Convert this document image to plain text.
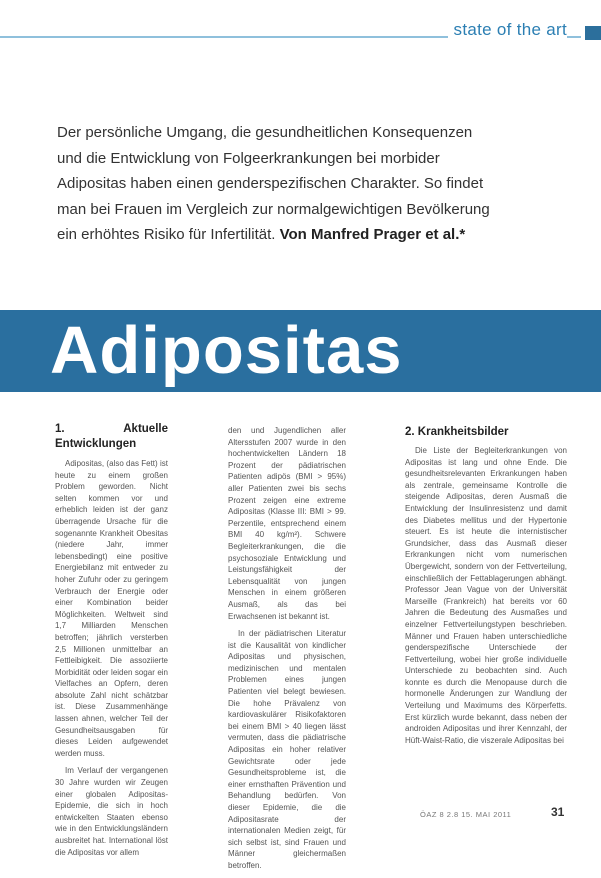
state of the art
Der persönliche Umgang, die gesundheitlichen Konsequenzen und die Entwicklung von Folgeerkrankungen bei morbider Adipositas haben einen genderspezifischen Charakter. So findet man bei Frauen im Vergleich zur normalgewichtigen Bevölkerung ein erhöhtes Risiko für Infertilität. Von Manfred Prager et al.*
Adipositas
1. Aktuelle Entwicklungen

Adipositas, (also das Fett) ist heute zu einem großen Problem geworden. Nicht selten kommen vor und erheblich leiden ist der ganz überragende Ursache für die sogenannte Krankheit Obesitas (niedere Jahr, immer lebensbedingt) eine positive Energiebilanz mit entweder zu hoher Zufuhr oder zu geringem Verbrauch der Energie oder einer Kombination beider Möglichkeiten. Weltweit sind 1,7 Milliarden Menschen betroffen; jährlich versterben 2,5 Millionen unmittelbar an Fettleibigkeit. Die assoziierte Morbidität oder leiden sogar ein Vielfaches an Opfern, deren absolute Zahl nicht schätzbar ist. Diese Zusammenhänge lassen ahnen, welcher Teil der Gesundheitsausgaben für dieses Leiden aufgewendet werden muss.

Im Verlauf der vergangenen 30 Jahre wurden wir Zeugen einer globalen Adipositas-Epidemie, die sich in hoch entwickelten Staaten ebenso wie in den Entwicklungsländern ausbreitet hat. International löst die Adipositas vor allem

den und Jugendlichen aller Altersstufen 2007 wurde in den hochentwickelten Ländern 18 Prozent der pädiatrischen Patienten adipös (BMI > 95%) aller Patienten zwei bis sechs Prozent zeigen eine extreme Adipositas (Klasse III: BMI > 99. Perzentile, entsprechend einem BMI 40 kg/m²). Schwere Begleiterkrankungen, die die psychosoziale Entwicklung und Leistungsfähigkeit der Lebensqualität von jungen Menschen in einem größeren Ausmaß, als das bei Erwachsenen ist bekannt ist.

In der pädiatrischen Literatur ist die Kausalität von kindlicher Adipositas und physischen, medizinischen und mentalen Problemen eines jungen Patienten viel belegt bewiesen. Die hohe Prävalenz von kardiovaskulärer Risikofaktoren bei einem BMI > 40 liegen lässt vermuten, dass die pädiatrische Adipositas ein hoher relativer Gewichtsrate oder jede Gesundheitsprobleme ist, die einer ernsthaften Prävention und Behandlung bedürfen. Von dieser Epidemie, die die Adipositasrate der internationalen Medien zeigt, für sich selbst ist, sind Frauen und Männer gleichermaßen betroffen.

2. Krankheitsbilder

Die Liste der Begleiterkrankungen von Adipositas ist lang und ohne Ende. Die gesundheitsrelevanten Erkrankungen haben als zentrale, gemeinsame Kontrolle die steigende Adipositas, deren Ausmaß die Entwicklung der Insulinresistenz und damit des Diabetes mellitus und der Hypertonie steuert. Es ist heute die internistischer Grundsicher, dass das Ausmaß dieser Erkrankungen nicht vom numerischen Übergewicht, sondern von der Fettverteilung, einschließlich der Fettablagerungen abhängt. Professor Jean Vague von der Universität Marseille (Frankreich) hat bereits vor 60 Jahren die Bedeutung des Ausmaßes und einzelner Fettverteilungstypen beschrieben. Männer und Frauen haben unterschiedliche genderspezifische Unterschiede der Fettverteilung, wobei hier große individuelle Unterschiede zu beobachten sind. Auch konnte es durch die Menopause durch die hormonelle Änderungen zur Wandlung der Verteilung und Maximums des Körperfetts. Erst kürzlich wurde bekannt, dass neben der androiden Adipositas und ihrer Kennzahl, der Hüft-Waist-Ratio, die viszerale Adipositas bei

ÖAZ 8 2.8 15. MAI 2011	31
